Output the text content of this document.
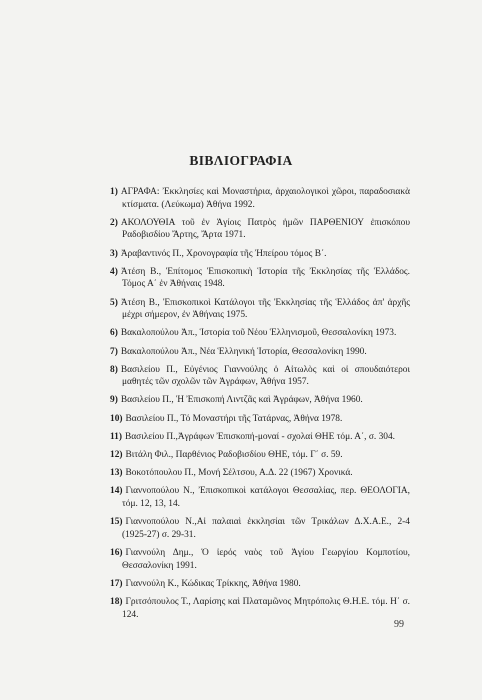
ΒΙΒΛΙΟΓΡΑΦΙΑ
1) ΑΓΡΑΦΑ: Ἐκκλησίες καὶ Μοναστήρια, ἀρχαιολογικοὶ χῶροι, παραδοσιακὰ κτίσματα. (Λεύκωμα) Ἀθήνα 1992.
2) ΑΚΟΛΟΥΘΙΑ τοῦ ἐν Ἁγίοις Πατρὸς ἡμῶν ΠΑΡΘΕΝΙΟΥ ἐπισκόπου Ραδοβισδίου Ἄρτης, Ἄρτα 1971.
3) Ἀραβαντινός Π., Χρονογραφία τῆς Ἠπείρου τόμος Β΄.
4) Ἀτέση Β., Ἐπίτομος Ἐπισκοπικὴ Ἱστορία τῆς Ἐκκλησίας τῆς Ἑλλάδος. Τόμος Α΄ ἐν Ἀθήναις 1948.
5) Ἀτέση Β., Ἐπισκοπικοὶ Κατάλογοι τῆς Ἐκκλησίας τῆς Ἑλλάδος ἀπ' ἀρχῆς μέχρι σήμερον, ἐν Ἀθήναις 1975.
6) Βακαλοπούλου Ἀπ., Ἱστορία τοῦ Νέου Ἑλληνισμοῦ, Θεσσαλονίκη 1973.
7) Βακαλοπούλου Ἀπ., Νέα Ἑλληνική Ἱστορία, Θεσσαλονίκη 1990.
8) Βασιλείου Π., Εὐγένιος Γιαννούλης ὁ Αἰτωλὸς καὶ οἱ σπουδαιότεροι μαθητές τῶν σχολῶν τῶν Ἀγράφων, Ἀθήνα 1957.
9) Βασιλείου Π., Ἡ Ἐπισκοπή Λιντζᾶς καὶ Ἀγράφων, Ἀθήνα 1960.
10) Βασιλείου Π., Τό Μοναστήρι τῆς Τατάρνας, Ἀθήνα 1978.
11) Βασιλείου Π.,Ἀγράφων Ἐπισκοπή-μοναί - σχολαί ΘΗΕ τόμ. Α΄, σ. 304.
12) Βιτάλη Φιλ., Παρθένιος Ραδοβισδίου ΘΗΕ, τόμ. Γ΄ σ. 59.
13) Βοκοτόπουλου Π., Μονή Σέλτσου, Α.Δ. 22 (1967) Χρονικά.
14) Γιαννοπούλου Ν., Ἐπισκοπικοὶ κατάλογοι Θεσσαλίας, περ. ΘΕΟΛΟΓΙΑ, τόμ. 12, 13, 14.
15) Γιαννοπούλου Ν.,Αἱ παλαιαὶ ἐκκλησίαι τῶν Τρικάλων Δ.Χ.Α.Ε., 2-4 (1925-27) σ. 29-31.
16) Γιαννούλη Δημ., Ὁ ἱερός ναὸς τοῦ Ἁγίου Γεωργίου Κομποτίου, Θεσσαλονίκη 1991.
17) Γιαννούλη Κ., Κώδικας Τρίκκης, Ἀθήνα 1980.
18) Γριτσόπουλος Τ., Λαρίσης καὶ Πλαταμῶνος Μητρόπολις Θ.Η.Ε. τόμ. Η΄ σ. 124.
99
